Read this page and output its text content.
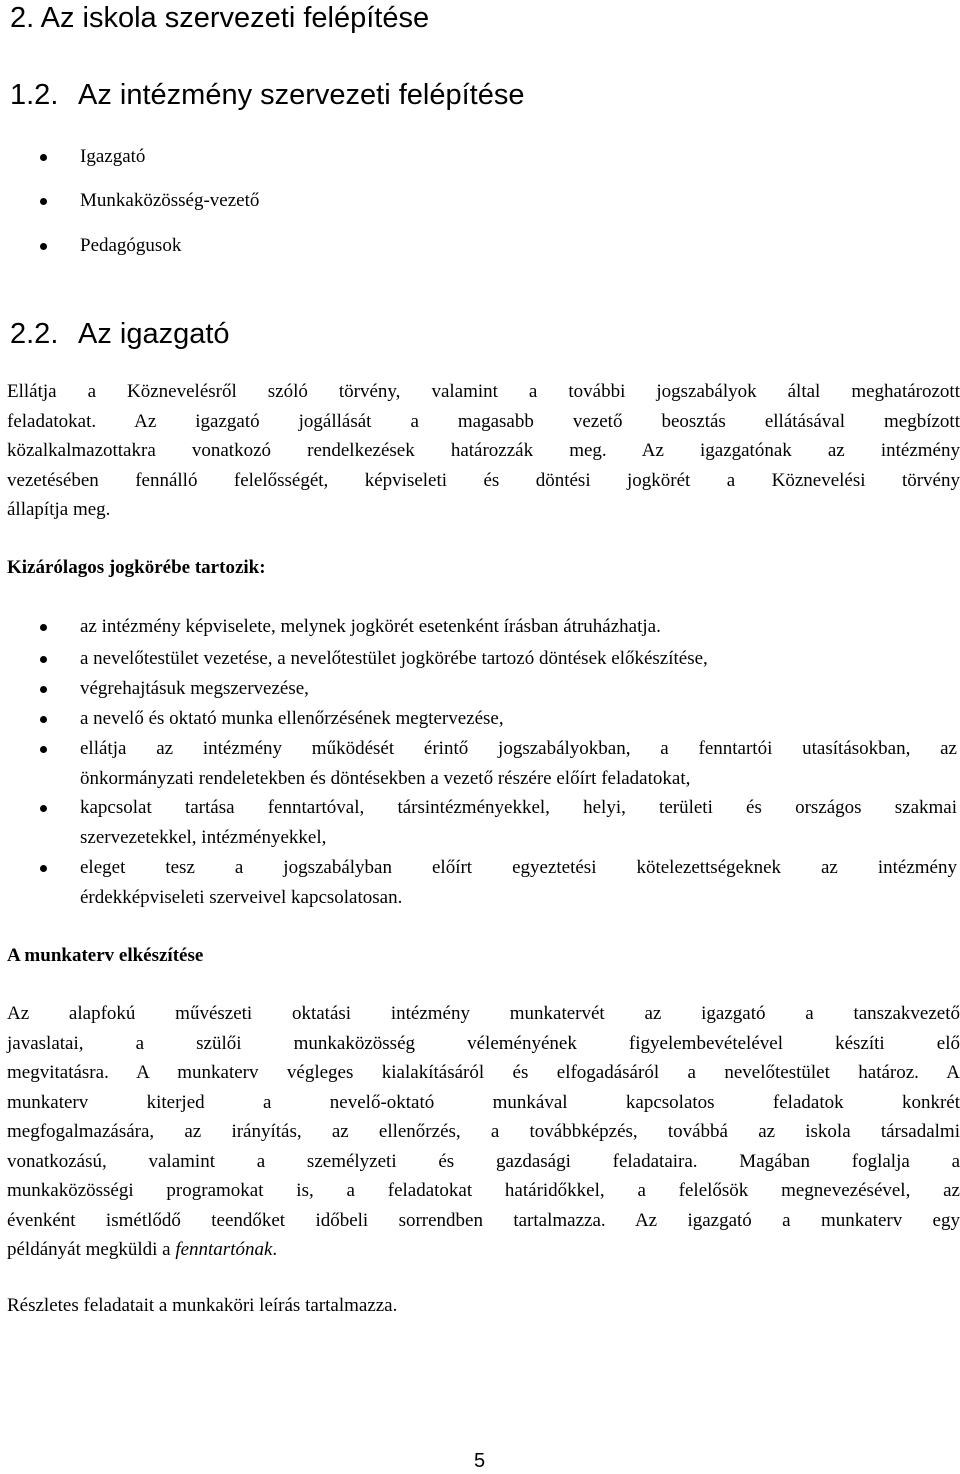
2. Az iskola szervezeti felépítése
1.2. Az intézmény szervezeti felépítése
Igazgató
Munkaközösség-vezető
Pedagógusok
2.2. Az igazgató
Ellátja a Köznevelésről szóló törvény, valamint a további jogszabályok által meghatározott
feladatokat. Az igazgató jogállását a magasabb vezető beosztás ellátásával megbízott
közalkalmazottakra vonatkozó rendelkezések határozzák meg. Az igazgatónak az intézmény
vezetésében fennálló felelősségét, képviseleti és döntési jogkörét a Köznevelési törvény
állapítja meg.

Kizárólagos jogkörébe tartozik:

az intézmény képviselete, melynek jogkörét esetenként írásban átruházhatja.
a nevelőtestület vezetése, a nevelőtestület jogkörébe tartozó döntések előkészítése,
végrehajtásuk megszervezése,
a nevelő és oktató munka ellenőrzésének megtervezése,
ellátja az intézmény működését érintő jogszabályokban, a fenntartói utasításokban, az
önkormányzati rendeletekben és döntésekben a vezető részére előírt feladatokat,
kapcsolat tartása fenntartóval, társintézményekkel, helyi, területi és országos szakmai
szervezetekkel, intézményekkel,
eleget tesz a jogszabályban előírt egyeztetési kötelezettségeknek az intézmény
érdekképviseleti szerveivel kapcsolatosan.

A munkaterv elkészítése

Az alapfokú művészeti oktatási intézmény munkatervét az igazgató a tanszakvezető
javaslatai, a szülői munkaközösség véleményének figyelembevételével készíti elő
megvitatásra. A munkaterv végleges kialakításáról és elfogadásáról a nevelőtestület határoz. A
munkaterv kiterjed a nevelő-oktató munkával kapcsolatos feladatok konkrét
megfogalmazására, az irányítás, az ellenőrzés, a továbbképzés, továbbá az iskola társadalmi
vonatkozású, valamint a személyzeti és gazdasági feladataira. Magában foglalja a
munkaközösségi programokat is, a feladatokat határidőkkel, a felelősök megnevezésével, az
évenként ismétlődő teendőket időbeli sorrendben tartalmazza. Az igazgató a munkaterv egy
példányát megküldi a fenntartónak.

Részletes feladatait a munkaköri leírás tartalmazza.

5
